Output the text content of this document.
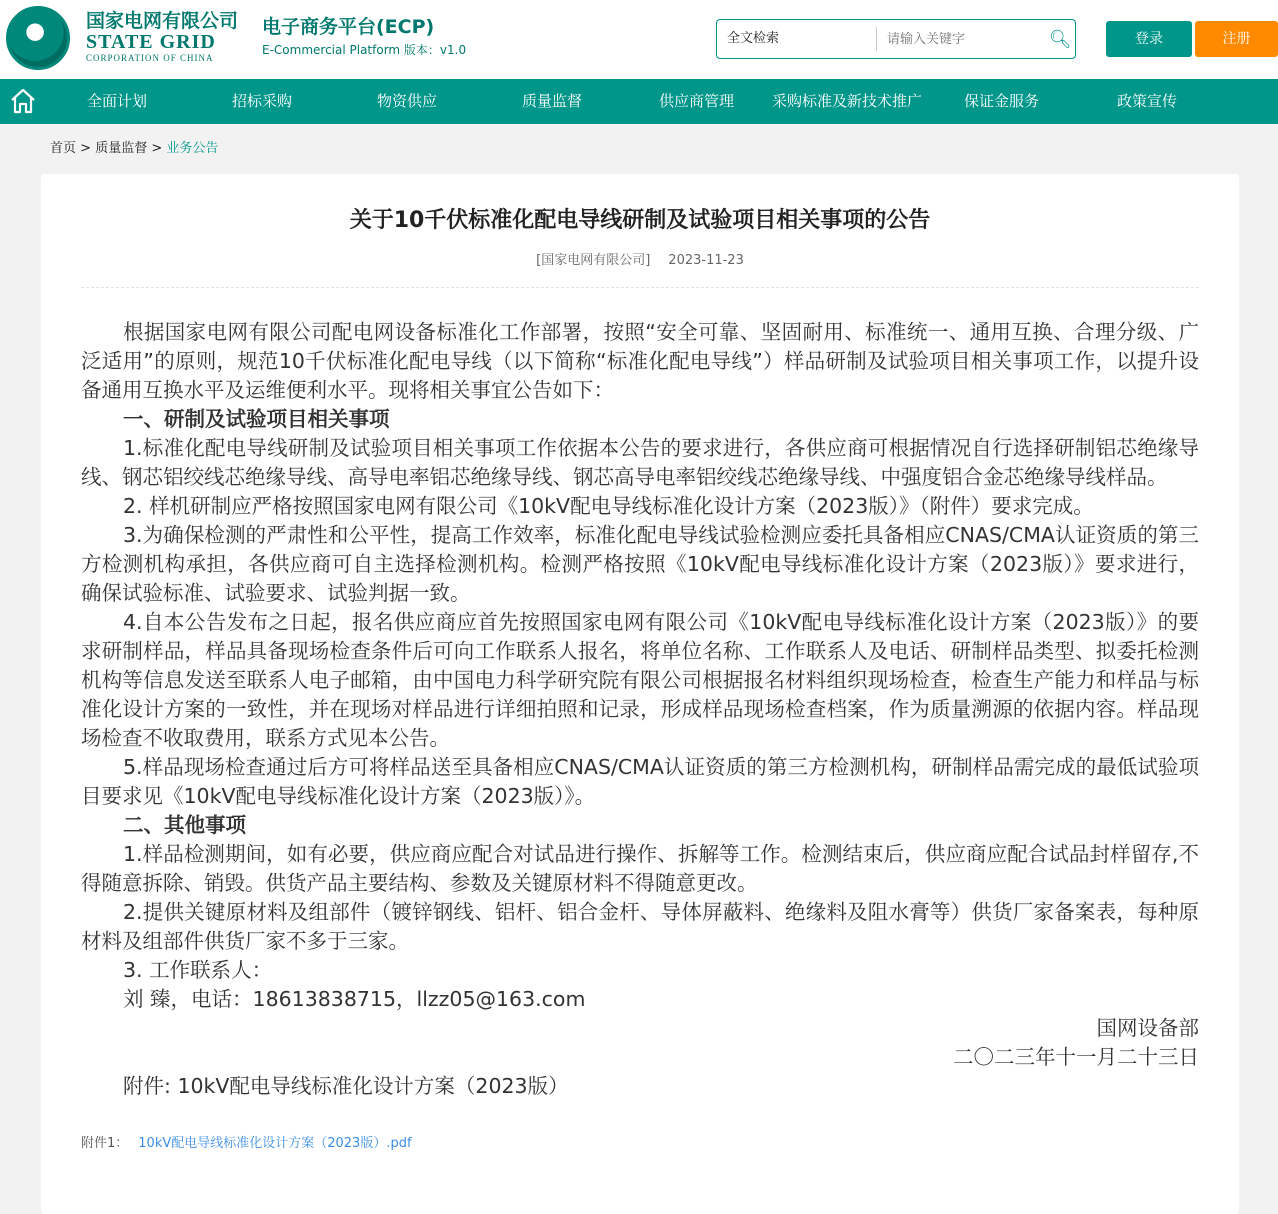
国家电网有限公司
STATE GRID
CORPORATION OF CHINA
电子商务平台(ECP)
E-Commercial Platform 版本：v1.0
全文检索
请输入关键字	🔍︎	登录	注册
全面计划	招标采购	物资供应	质量监督	供应商管理	采购标准及新技术推广	保证金服务	政策宣传
首页 > 质量监督 > 业务公告
关于10千伏标准化配电导线研制及试验项目相关事项的公告
[国家电网有限公司] 2023-11-23

根据国家电网有限公司配电网设备标准化工作部署，按照“安全可靠、坚固耐用、标准统一、通用互换、合理分级、广泛适用”的原则，规范10千伏标准化配电导线（以下简称“标准化配电导线”）样品研制及试验项目相关事项工作，以提升设备通用互换水平及运维便利水平。现将相关事宜公告如下：

一、研制及试验项目相关事项

1.标准化配电导线研制及试验项目相关事项工作依据本公告的要求进行，各供应商可根据情况自行选择研制铝芯绝缘导线、钢芯铝绞线芯绝缘导线、高导电率铝芯绝缘导线、钢芯高导电率铝绞线芯绝缘导线、中强度铝合金芯绝缘导线样品。

2. 样机研制应严格按照国家电网有限公司《10kV配电导线标准化设计方案（2023版）》（附件）要求完成。

3.为确保检测的严肃性和公平性，提高工作效率，标准化配电导线试验检测应委托具备相应CNAS/CMA认证资质的第三方检测机构承担，各供应商可自主选择检测机构。检测严格按照《10kV配电导线标准化设计方案（2023版）》要求进行，确保试验标准、试验要求、试验判据一致。

4.自本公告发布之日起，报名供应商应首先按照国家电网有限公司《10kV配电导线标准化设计方案（2023版）》的要求研制样品，样品具备现场检查条件后可向工作联系人报名，将单位名称、工作联系人及电话、研制样品类型、拟委托检测机构等信息发送至联系人电子邮箱，由中国电力科学研究院有限公司根据报名材料组织现场检查，检查生产能力和样品与标准化设计方案的一致性，并在现场对样品进行详细拍照和记录，形成样品现场检查档案，作为质量溯源的依据内容。样品现场检查不收取费用，联系方式见本公告。

5.样品现场检查通过后方可将样品送至具备相应CNAS/CMA认证资质的第三方检测机构，研制样品需完成的最低试验项目要求见《10kV配电导线标准化设计方案（2023版）》。

二、其他事项

1.样品检测期间，如有必要，供应商应配合对试品进行操作、拆解等工作。检测结束后，供应商应配合试品封样留存,不得随意拆除、销毁。供货产品主要结构、参数及关键原材料不得随意更改。

2.提供关键原材料及组部件（镀锌钢线、铝杆、铝合金杆、导体屏蔽料、绝缘料及阻水膏等）供货厂家备案表，每种原材料及组部件供货厂家不多于三家。

3. 工作联系人：

刘 臻，电话：18613838715，llzz05@163.com

国网设备部

二〇二三年十一月二十三日

附件: 10kV配电导线标准化设计方案（2023版）

附件1： 10kV配电导线标准化设计方案（2023版）.pdf
